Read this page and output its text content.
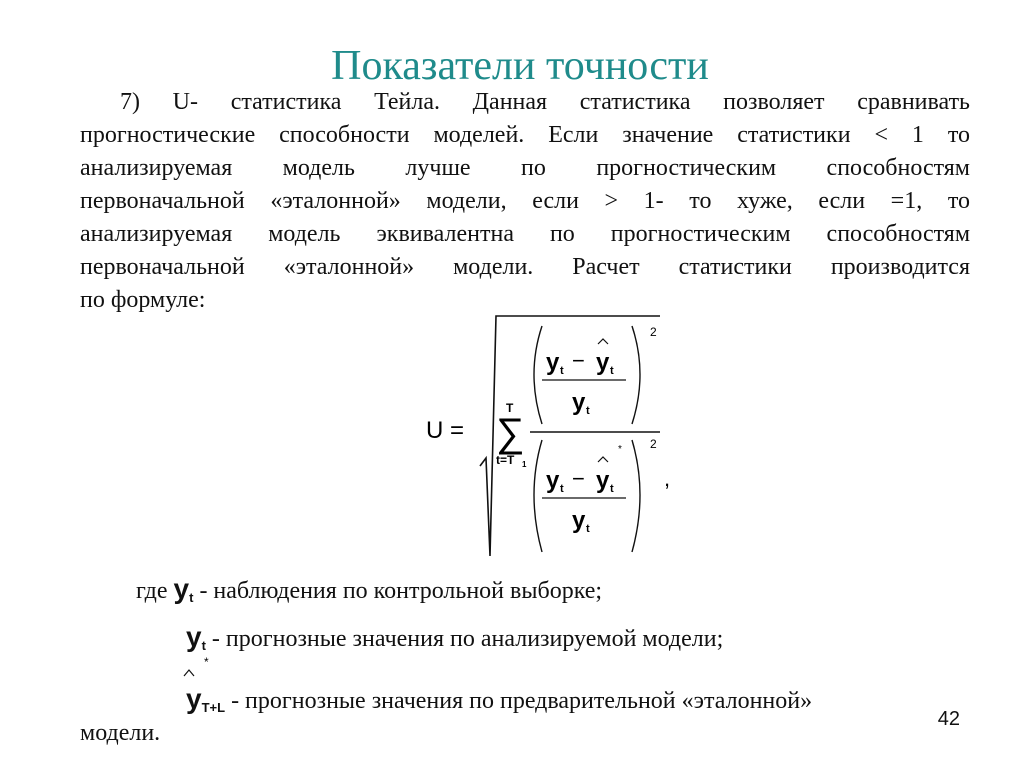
Показатели точности
7) U- статистика Тейла. Данная статистика позволяет сравнивать
прогностические способности моделей. Если значение статистики < 1 то
анализируемая модель лучше по прогностическим способностям
первоначальной «эталонной» модели, если > 1- то хуже, если =1, то
анализируемая модель эквивалентна по прогностическим способностям
первоначальной «эталонной» модели. Расчет статистики производится

по формуле:
U =
T
∑
t=T 1
2
y t − y t
y t
2
y t −
*
y t
y t
,
где $y_t$ - наблюдения по контрольной выборке;
$y_t$ - прогнозные значения по анализируемой модели;
*
$y_{T+L}$ - прогнозные значения по предварительной «эталонной»
модели.
42
